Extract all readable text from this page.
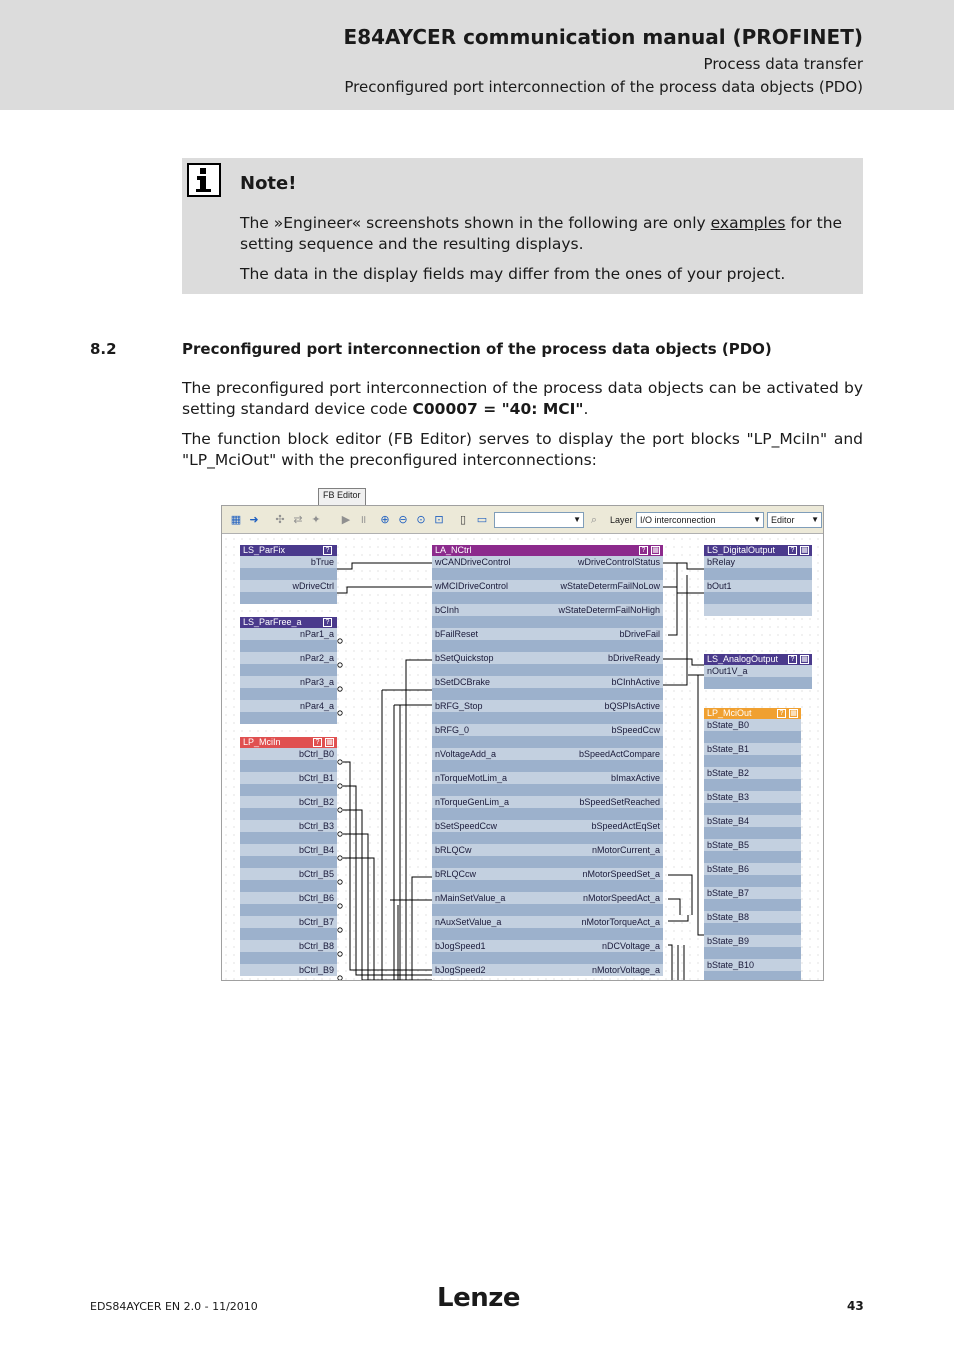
E84AYCER communication manual (PROFINET)
Process data transfer
Preconfigured port interconnection of the process data objects (PDO)
Note!
The »Engineer« screenshots shown in the following are only examples for the setting sequence and the resulting displays.
The data in the display fields may differ from the ones of your project.
8.2	Preconfigured port interconnection of the process data objects (PDO)
The preconfigured port interconnection of the process data objects can be activated by setting standard device code C00007 = "40: MCI".
The function block editor (FB Editor) serves to display the port blocks "LP_MciIn" and "LP_MciOut" with the preconfigured interconnections:
FB Editor
▦ ➜ ✣ ⇄ ✦ ▶ ॥ ⊕ ⊖ ⊙ ⊡ ▯ ▭	▼ ⌕	Layer I/O interconnection	▼	Editor ▼
LS_ParFix	?
bTrue
wDriveCtrl
LS_ParFree_a	?
nPar1_a
nPar2_a
nPar3_a
nPar4_a
LP_MciIn	? ▦
bCtrl_B0
bCtrl_B1
bCtrl_B2
bCtrl_B3
bCtrl_B4
bCtrl_B5
bCtrl_B6
bCtrl_B7
bCtrl_B8
bCtrl_B9
LA_NCtrl	? ▦
wCANDriveControl	wDriveControlStatus
wMCIDriveControl	wStateDetermFailNoLow
bCInh	wStateDetermFailNoHigh
bFailReset	bDriveFail
bSetQuickstop	bDriveReady
bSetDCBrake	bCInhActive
bRFG_Stop	bQSPIsActive
bRFG_0	bSpeedCcw
nVoltageAdd_a	bSpeedActCompare
nTorqueMotLim_a	bImaxActive
nTorqueGenLim_a	bSpeedSetReached
bSetSpeedCcw	bSpeedActEqSet
bRLQCw	nMotorCurrent_a
bRLQCcw	nMotorSpeedSet_a
nMainSetValue_a	nMotorSpeedAct_a
nAuxSetValue_a	nMotorTorqueAct_a
bJogSpeed1	nDCVoltage_a
bJogSpeed2	nMotorVoltage_a
LS_DigitalOutput	? ▦
bRelay
bOut1
LS_AnalogOutput	? ▦
nOut1V_a
LP_MciOut	? ▦
bState_B0
bState_B1
bState_B2
bState_B3
bState_B4
bState_B5
bState_B6
bState_B7
bState_B8
bState_B9
bState_B10
EDS84AYCER EN 2.0 - 11/2010	Lenze	43
